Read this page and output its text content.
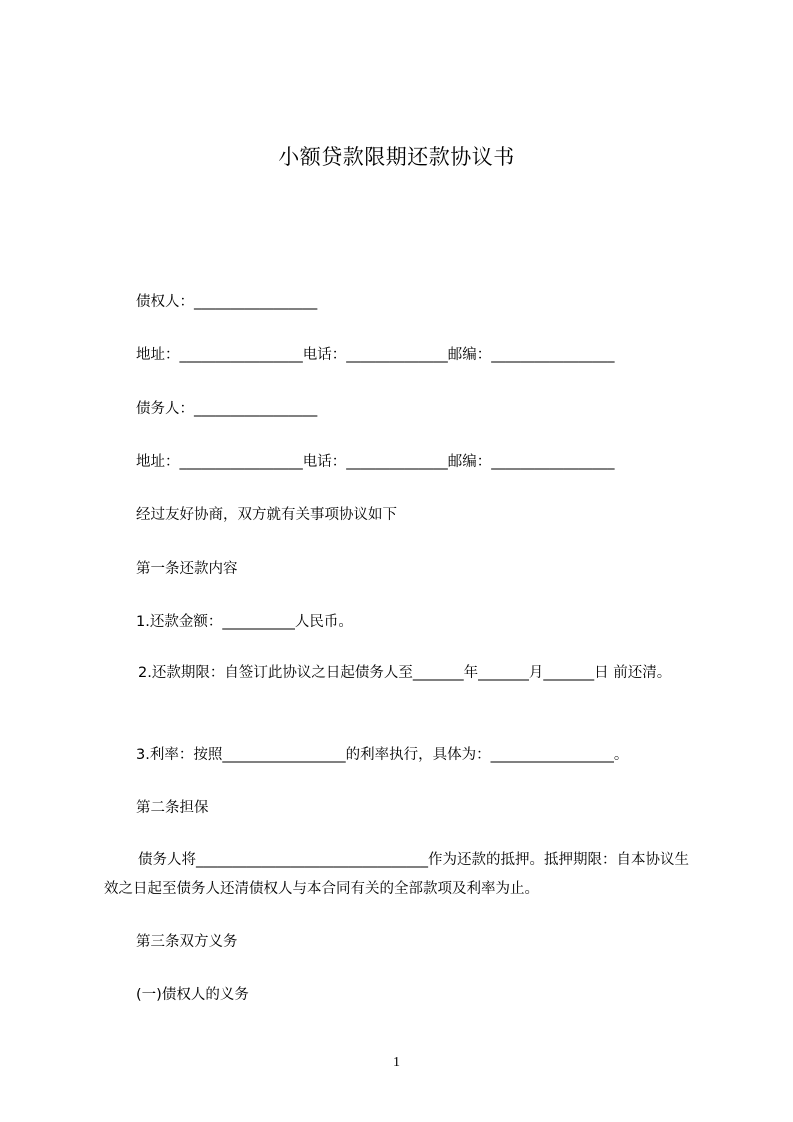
小额贷款限期还款协议书
债权人：_________________
地址：_________________电话：______________邮编：_________________
债务人：_________________
地址：_________________电话：______________邮编：_________________
经过友好协商，双方就有关事项协议如下
第一条还款内容
1.还款金额：__________人民币。
2.还款期限：自签订此协议之日起债务人至_______年_______月_______日 前还清。
3.利率：按照_________________的利率执行，具体为：_________________。
第二条担保
债务人将________________________________作为还款的抵押。抵押期限：自本协议生效之日起至债务人还清债权人与本合同有关的全部款项及利率为止。
第三条双方义务
(一)债权人的义务
1
